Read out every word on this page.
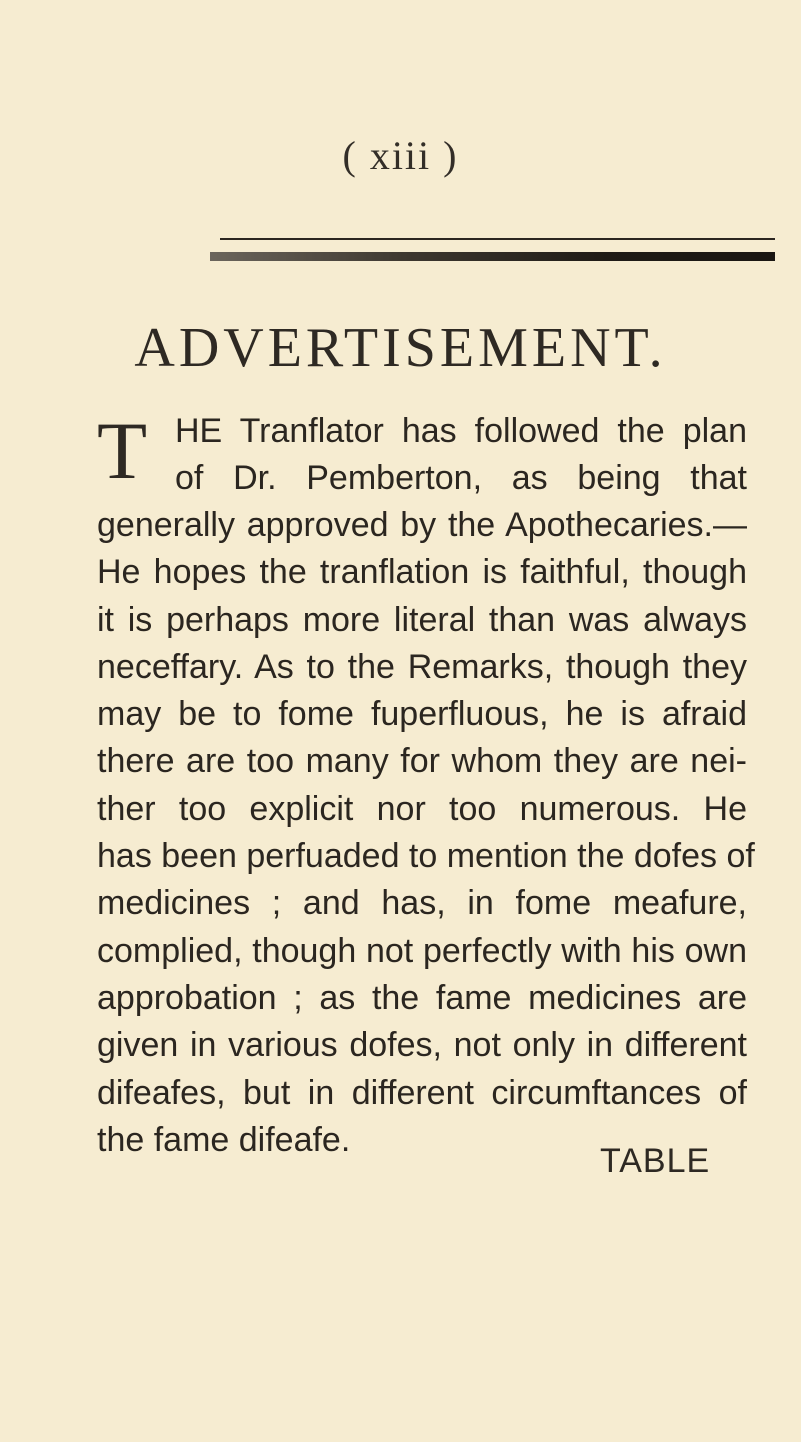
( xiii )
ADVERTISEMENT.
T HE Tranflator has followed the plan
of Dr. Pemberton, as being that
generally approved by the Apothecaries.—
He hopes the tranflation is faithful, though
it is perhaps more literal than was always
neceffary. As to the Remarks, though they
may be to fome fuperfluous, he is afraid
there are too many for whom they are nei-
ther too explicit nor too numerous. He
has been perfuaded to mention the dofes of
medicines ; and has, in fome meafure,
complied, though not perfectly with his own
approbation ; as the fame medicines are
given in various dofes, not only in different
difeafes, but in different circumftances of
the fame difeafe.
TABLE
